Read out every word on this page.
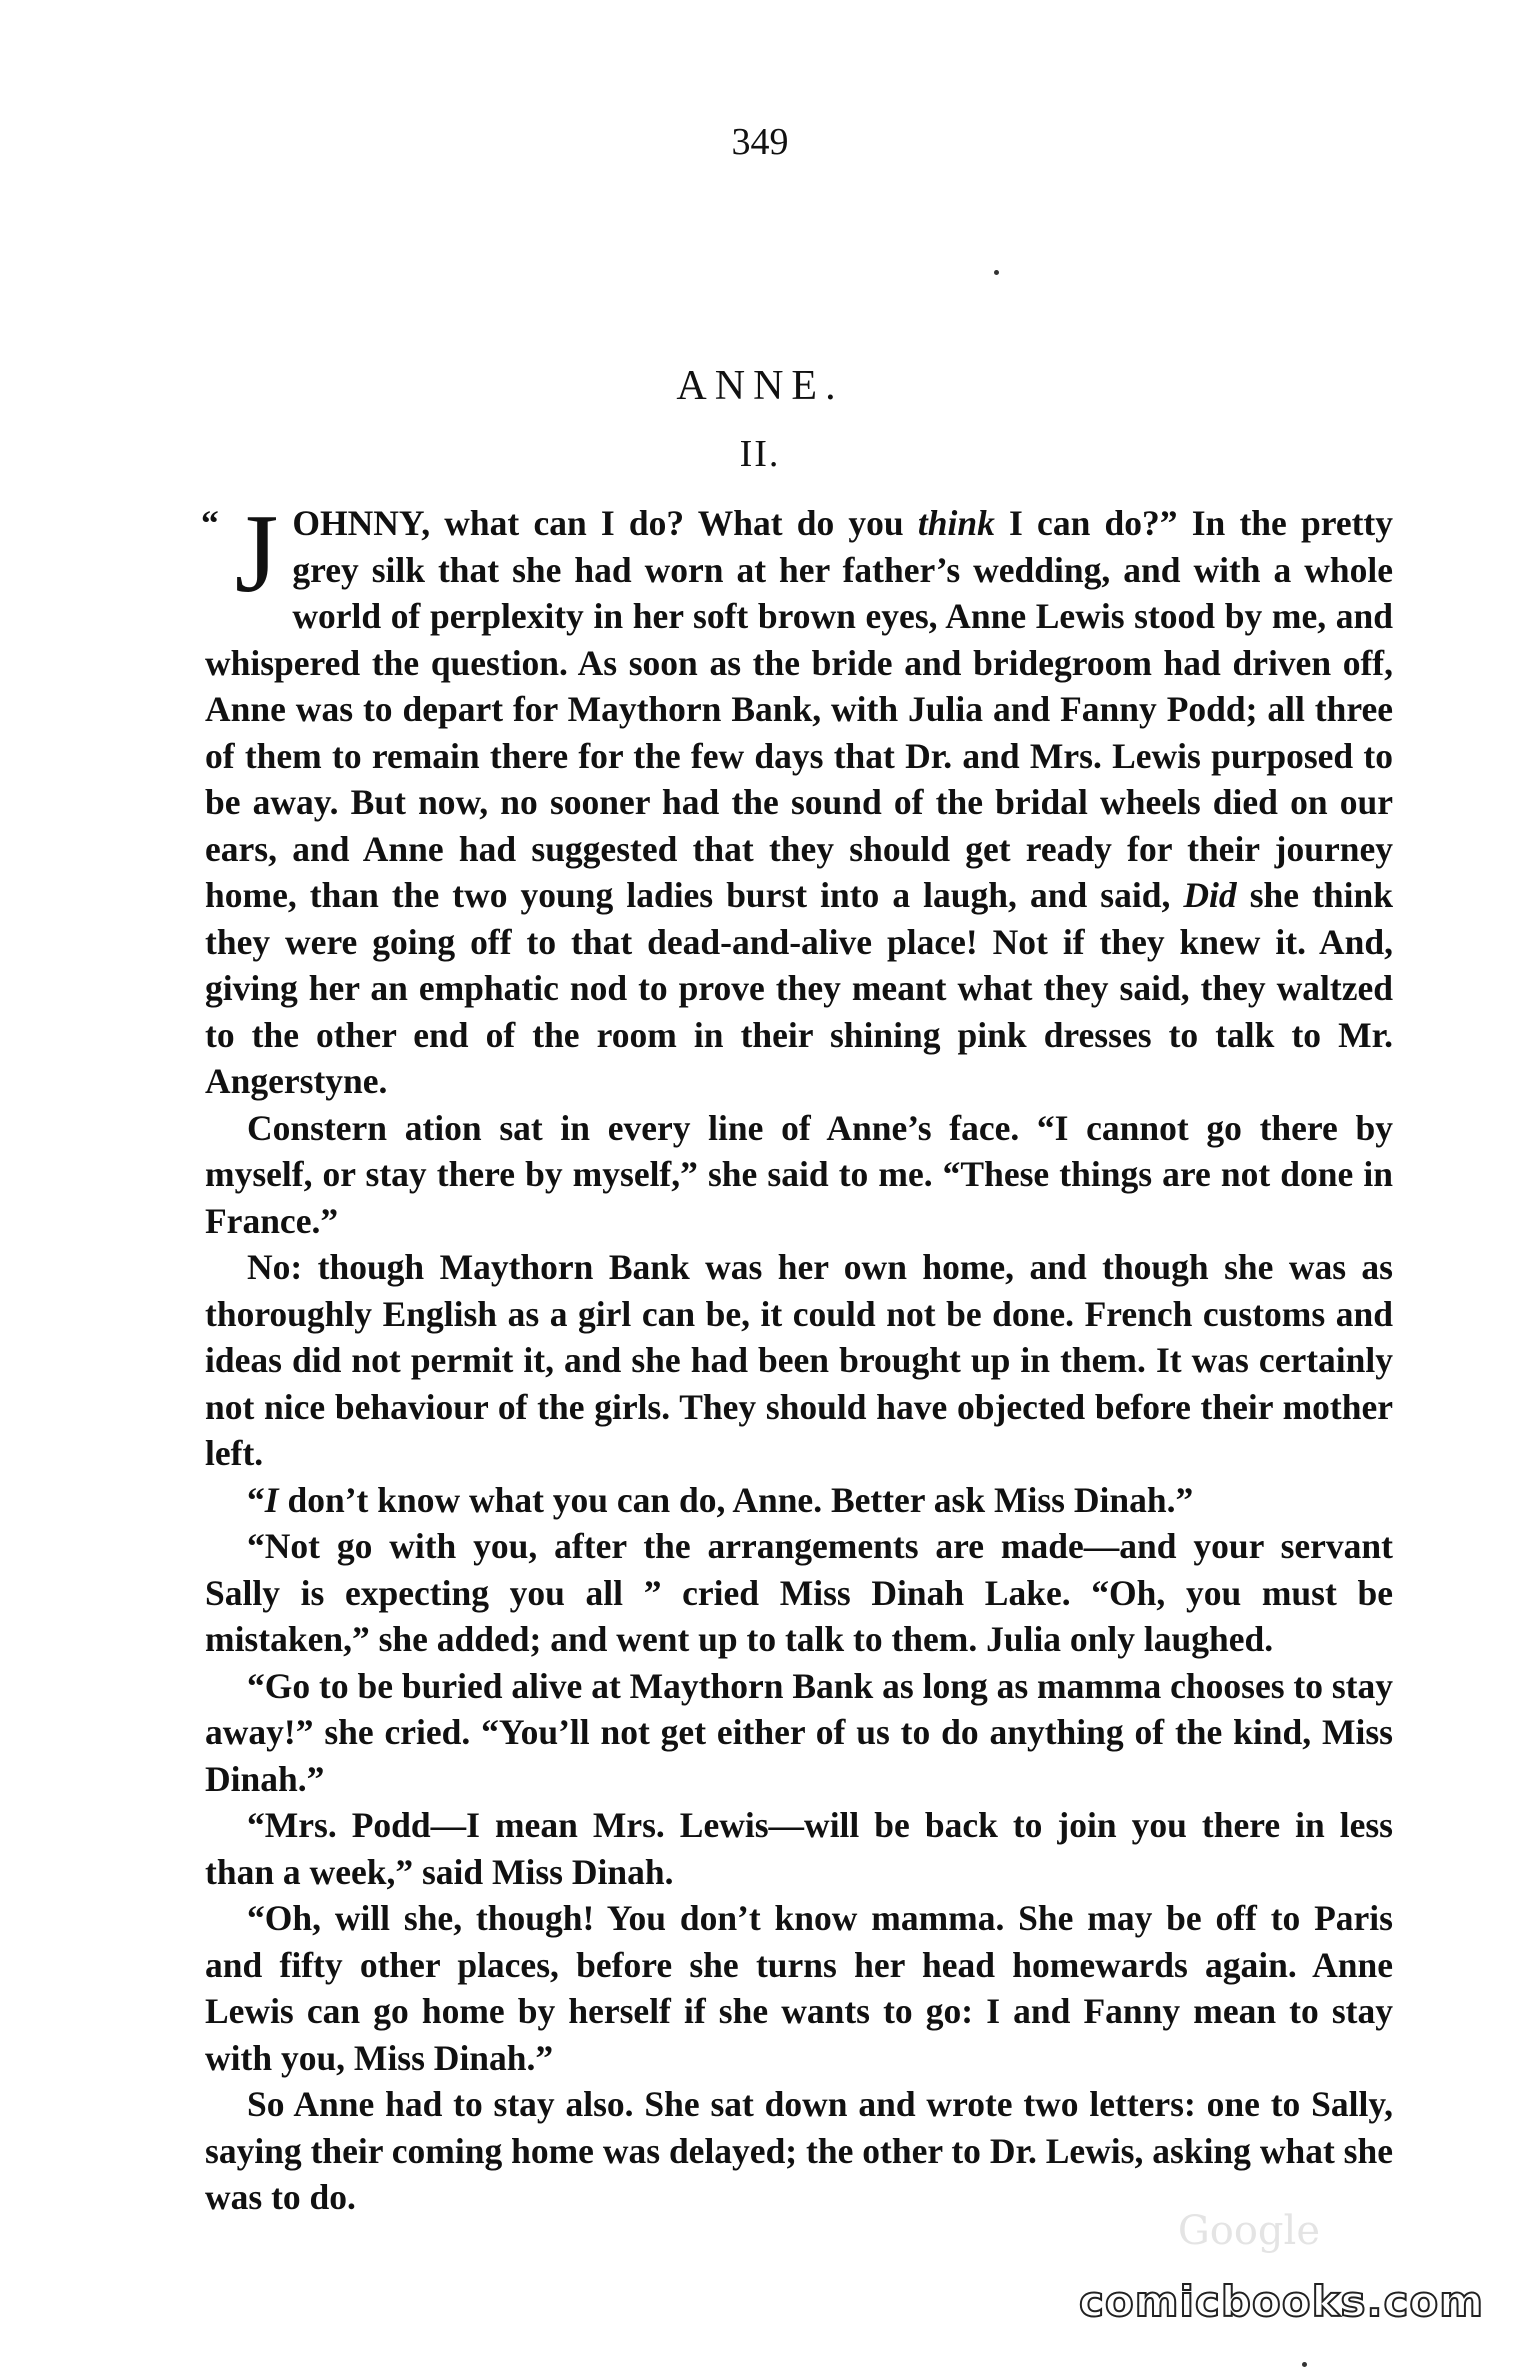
349
ANNE.
II.

“ J OHNNY, what can I do? What do you think I can do?” In the pretty grey silk that she had worn at her father’s wedding, and with a whole world of perplexity in her soft brown eyes, Anne Lewis stood by me, and whispered the question. As soon as the bride and bridegroom had driven off, Anne was to depart for Maythorn Bank, with Julia and Fanny Podd; all three of them to remain there for the few days that Dr. and Mrs. Lewis purposed to be away. But now, no sooner had the sound of the bridal wheels died on our ears, and Anne had suggested that they should get ready for their journey home, than the two young ladies burst into a laugh, and said, Did she think they were going off to that dead-and-alive place! Not if they knew it. And, giving her an emphatic nod to prove they meant what they said, they waltzed to the other end of the room in their shining pink dresses to talk to Mr. Angerstyne.

Constern ation sat in every line of Anne’s face. “I cannot go there by myself, or stay there by myself,” she said to me. “These things are not done in France.”

No: though Maythorn Bank was her own home, and though she was as thoroughly English as a girl can be, it could not be done. French customs and ideas did not permit it, and she had been brought up in them. It was certainly not nice behaviour of the girls. They should have objected before their mother left.

“I don’t know what you can do, Anne. Better ask Miss Dinah.”

“Not go with you, after the arrangements are made—and your servant Sally is expecting you all ” cried Miss Dinah Lake. “Oh, you must be mistaken,” she added; and went up to talk to them. Julia only laughed.

“Go to be buried alive at Maythorn Bank as long as mamma chooses to stay away!” she cried. “You’ll not get either of us to do anything of the kind, Miss Dinah.”

“Mrs. Podd—I mean Mrs. Lewis—will be back to join you there in less than a week,” said Miss Dinah.

“Oh, will she, though! You don’t know mamma. She may be off to Paris and fifty other places, before she turns her head homewards again. Anne Lewis can go home by herself if she wants to go: I and Fanny mean to stay with you, Miss Dinah.”

So Anne had to stay also. She sat down and wrote two letters: one to Sally, saying their coming home was delayed; the other to Dr. Lewis, asking what she was to do.

Google
comicbooks.com
